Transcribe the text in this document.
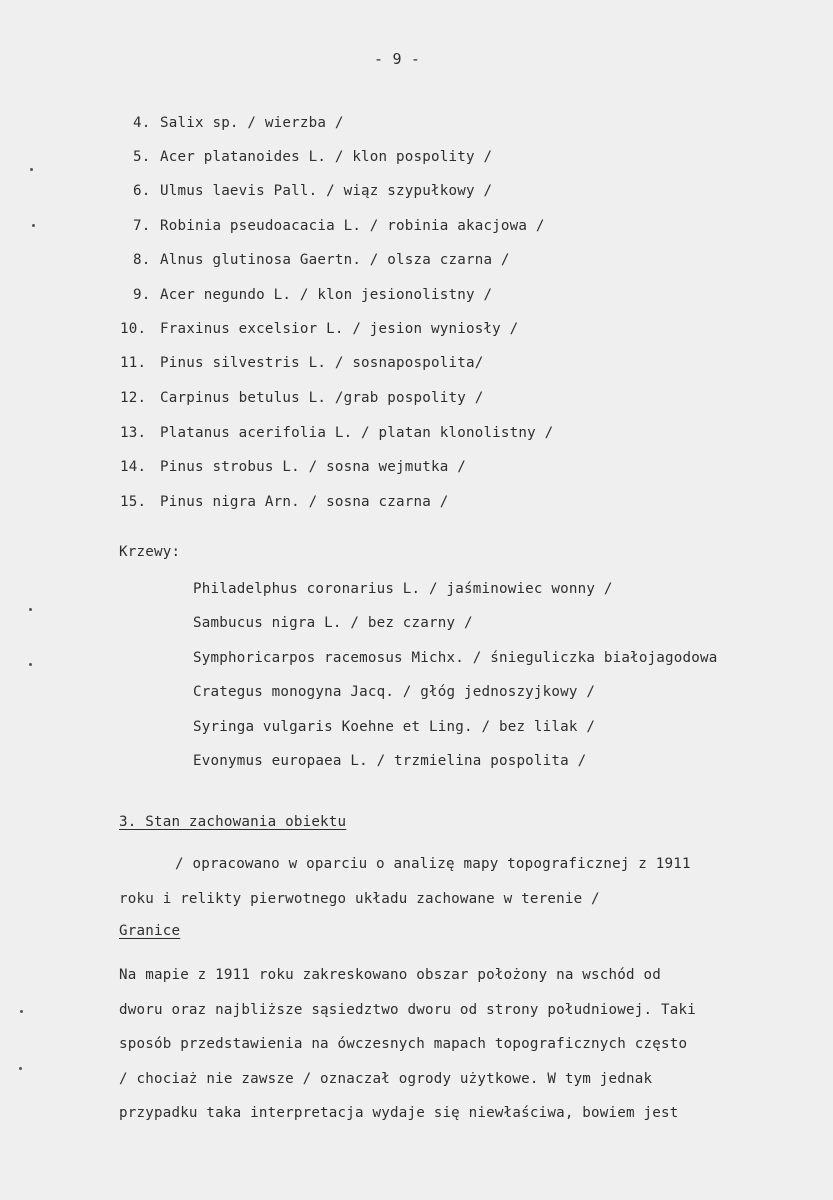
- 9 -
4. Salix sp. / wierzba /
5. Acer platanoides L. / klon pospolity /
6. Ulmus laevis Pall. / wiąz szypułkowy /
7. Robinia pseudoacacia L. / robinia akacjowa /
8. Alnus glutinosa Gaertn. / olsza czarna /
9. Acer negundo L. / klon jesionolistny /
10. Fraxinus excelsior L. / jesion wyniosły /
11. Pinus silvestris L. / sosnapospolita/
12. Carpinus betulus L. /grab pospolity /
13. Platanus acerifolia L. / platan klonolistny /
14. Pinus strobus L. / sosna wejmutka /
15. Pinus nigra Arn. / sosna czarna /
Krzewy:
Philadelphus coronarius L. / jaśminowiec wonny /
Sambucus nigra L. / bez czarny /
Symphoricarpos racemosus Michx. / śnieguliczka białojagodowa
Crategus monogyna Jacq. / głóg jednoszyjkowy /
Syringa vulgaris Koehne et Ling. / bez lilak /
Evonymus europaea L. / trzmielina pospolita /
3. Stan zachowania obiektu
/ opracowano w oparciu o analizę mapy topograficznej z 1911
roku i relikty pierwotnego układu zachowane w terenie /
Granice
Na mapie z 1911 roku zakreskowano obszar położony na wschód od
dworu oraz najbliższe sąsiedztwo dworu od strony południowej. Taki
sposób przedstawienia na ówczesnych mapach topograficznych często
/ chociaż nie zawsze / oznaczał ogrody użytkowe. W tym jednak
przypadku taka interpretacja wydaje się niewłaściwa, bowiem jest
